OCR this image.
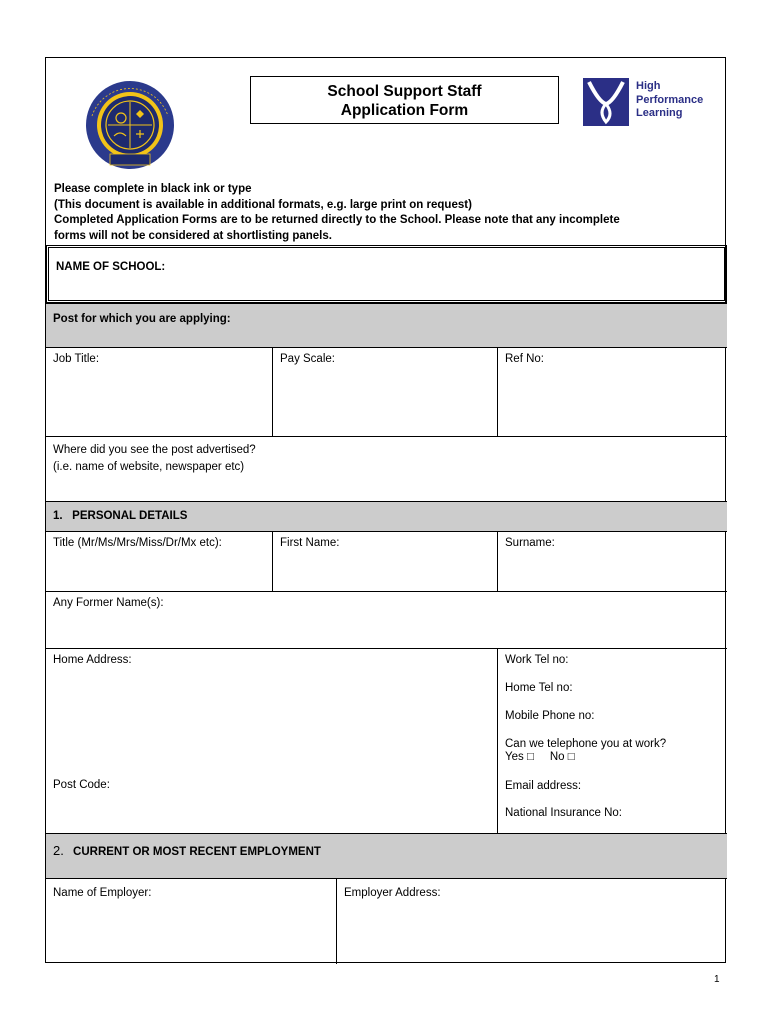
School Support Staff
Application Form
High
Performance
Learning
Please complete in black ink or type
(This document is available in additional formats, e.g. large print on request)
Completed Application Forms are to be returned directly to the School. Please note that any incomplete
forms will not be considered at shortlisting panels.
NAME OF SCHOOL:
Post for which you are applying:
Job Title:	Pay Scale:	Ref No:
Where did you see the post advertised?
(i.e. name of website, newspaper etc)
1.   PERSONAL DETAILS
Title (Mr/Ms/Mrs/Miss/Dr/Mx etc):	First Name:	Surname:
Any Former Name(s):
Home Address:
Post Code:
Work Tel no:
Home Tel no:
Mobile Phone no:
Can we telephone you at work?
Yes □     No □
Email address:
National Insurance No:
2. CURRENT OR MOST RECENT EMPLOYMENT
Name of Employer:	Employer Address:
1
